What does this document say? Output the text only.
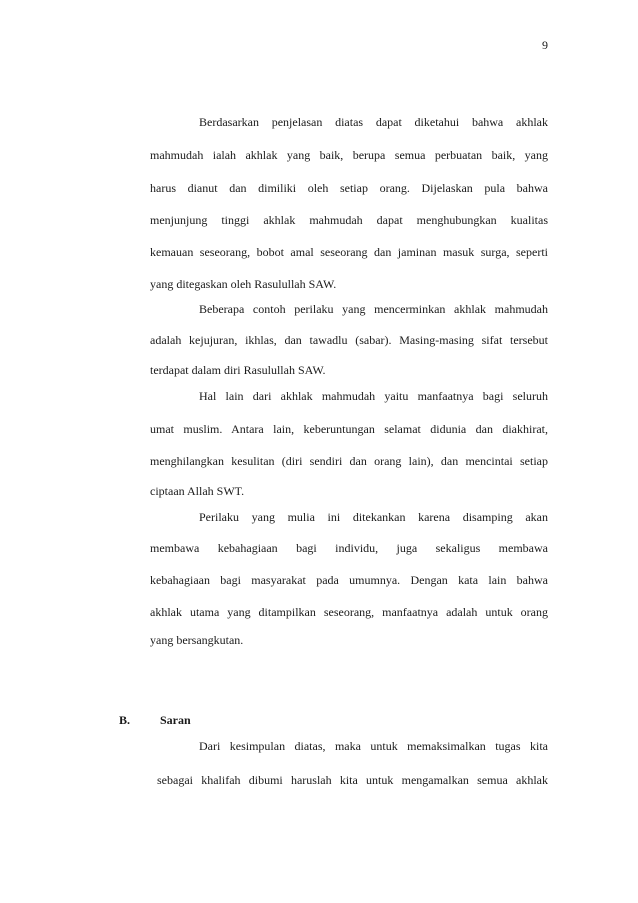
9
Berdasarkan penjelasan diatas dapat diketahui bahwa akhlak
mahmudah ialah akhlak yang baik, berupa semua perbuatan baik, yang
harus dianut dan dimiliki oleh setiap orang. Dijelaskan pula bahwa
menjunjung tinggi akhlak mahmudah dapat menghubungkan kualitas
kemauan seseorang, bobot amal seseorang dan jaminan masuk surga, seperti
yang ditegaskan oleh Rasulullah SAW.
Beberapa contoh perilaku yang mencerminkan akhlak mahmudah
adalah kejujuran, ikhlas, dan tawadlu (sabar). Masing-masing sifat tersebut
terdapat dalam diri Rasulullah SAW.
Hal lain dari akhlak mahmudah yaitu manfaatnya bagi seluruh
umat muslim. Antara lain, keberuntungan selamat didunia dan diakhirat,
menghilangkan kesulitan (diri sendiri dan orang lain), dan mencintai setiap
ciptaan Allah SWT.
Perilaku yang mulia ini ditekankan karena disamping akan
membawa kebahagiaan bagi individu, juga sekaligus membawa
kebahagiaan bagi masyarakat pada umumnya. Dengan kata lain bahwa
akhlak utama yang ditampilkan seseorang, manfaatnya adalah untuk orang
yang bersangkutan.
B. Saran
Dari kesimpulan diatas, maka untuk memaksimalkan tugas kita
sebagai khalifah dibumi haruslah kita untuk mengamalkan semua akhlak
